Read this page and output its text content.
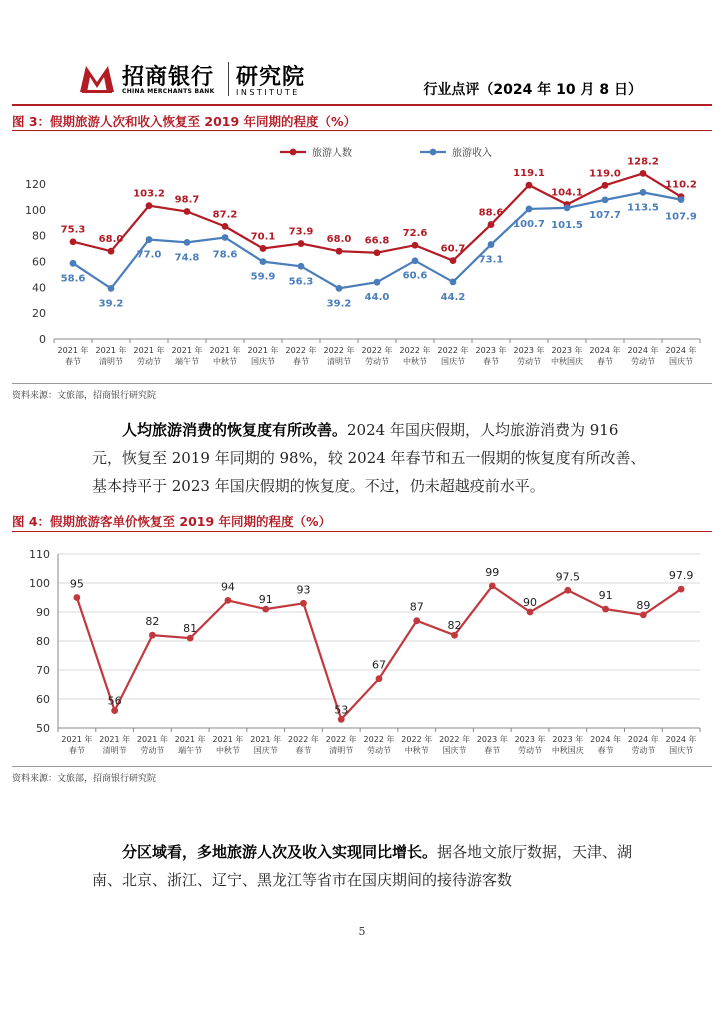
招商银行
CHINA MERCHANTS BANK
研究院
INSTITUTE	行业点评（2024 年 10 月 8 日）
图 3：假期旅游人次和收入恢复至 2019 年同期的程度（%）
0
20
40
60
80
100
120
2021 年
春节
2021 年
清明节
2021 年
劳动节
2021 年
端午节
2021 年
中秋节
2021 年
国庆节
2022 年
春节
2022 年
清明节
2022 年
劳动节
2022 年
中秋节
2022 年
国庆节
2023 年
春节
2023 年
劳动节
2023 年
中秋国庆
2024 年
春节
2024 年
劳动节
2024 年
国庆节
75.3
68.0
103.2
98.7
87.2
70.1 73.9
68.0 66.8
72.6
60.7
88.6
119.1
104.1
119.0
128.2
110.2
58.6
39.2
77.0 74.8 78.6
59.9 56.3
39.2
44.0
60.6
44.2
73.1
100.7 101.5
107.7
113.5
107.9
旅游人数	旅游收入
资料来源：文旅部，招商银行研究院
人均旅游消费的恢复度有所改善。2024 年国庆假期，人均旅游消费为 916 元，恢复至 2019 年同期的 98%，较 2024 年春节和五一假期的恢复度有所改善、基本持平于 2023 年国庆假期的恢复度。不过，仍未超越疫前水平。
图 4：假期旅游客单价恢复至 2019 年同期的程度（%）
50
60
70
80
90
100
110
2021 年
春节
2021 年
清明节
2021 年
劳动节
2021 年
端午节
2021 年
中秋节
2021 年
国庆节
2022 年
春节
2022 年
清明节
2022 年
劳动节
2022 年
中秋节
2022 年
国庆节
2023 年
春节
2023 年
劳动节
2023 年
中秋国庆
2024 年
春节
2024 年
劳动节
2024 年
国庆节
95
56
82
81
94
91
93
53
67
87
82
99
90
97.5
91
89
97.9
资料来源：文旅部，招商银行研究院
分区域看，多地旅游人次及收入实现同比增长。据各地文旅厅数据，天津、湖南、北京、浙江、辽宁、黑龙江等省市在国庆期间的接待游客数
5
